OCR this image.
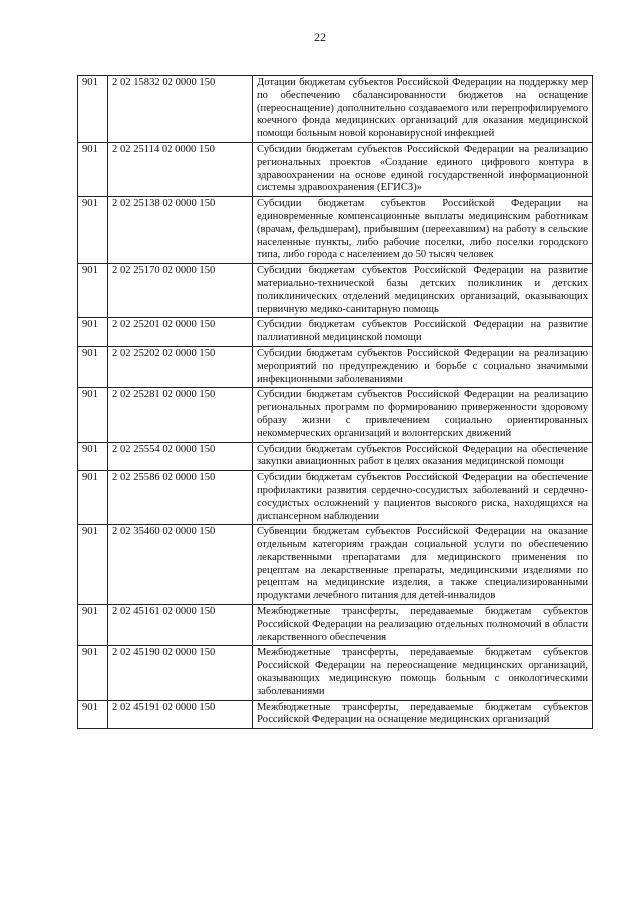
22
901	2 02 15832 02 0000 150	Дотации бюджетам субъектов Российской Федерации на поддержку мер по обеспечению сбалансированности бюджетов на оснащение (переоснащение) дополнительно создаваемого или перепрофилируемого коечного фонда медицинских организаций для оказания медицинской помощи больным новой коронавирусной инфекцией
901	2 02 25114 02 0000 150	Субсидии бюджетам субъектов Российской Федерации на реализацию региональных проектов «Создание единого цифрового контура в здравоохранении на основе единой государственной информационной системы здравоохранения (ЕГИСЗ)»
901	2 02 25138 02 0000 150	Субсидии бюджетам субъектов Российской Федерации на единовременные компенсационные выплаты медицинским работникам (врачам, фельдшерам), прибывшим (переехавшим) на работу в сельские населенные пункты, либо рабочие поселки, либо поселки городского типа, либо города с населением до 50 тысяч человек
901	2 02 25170 02 0000 150	Субсидии бюджетам субъектов Российской Федерации на развитие материально-технической базы детских поликлиник и детских поликлинических отделений медицинских организаций, оказывающих первичную медико-санитарную помощь
901	2 02 25201 02 0000 150	Субсидии бюджетам субъектов Российской Федерации на развитие паллиативной медицинской помощи
901	2 02 25202 02 0000 150	Субсидии бюджетам субъектов Российской Федерации на реализацию мероприятий по предупреждению и борьбе с социально значимыми инфекционными заболеваниями
901	2 02 25281 02 0000 150	Субсидии бюджетам субъектов Российской Федерации на реализацию региональных программ по формированию приверженности здоровому образу жизни с привлечением социально ориентированных некоммерческих организаций и волонтерских движений
901	2 02 25554 02 0000 150	Субсидии бюджетам субъектов Российской Федерации на обеспечение закупки авиационных работ в целях оказания медицинской помощи
901	2 02 25586 02 0000 150	Субсидии бюджетам субъектов Российской Федерации на обеспечение профилактики развития сердечно-сосудистых заболеваний и сердечно-сосудистых осложнений у пациентов высокого риска, находящихся на диспансерном наблюдении
901	2 02 35460 02 0000 150	Субвенции бюджетам субъектов Российской Федерации на оказание отдельным категориям граждан социальной услуги по обеспечению лекарственными препаратами для медицинского применения по рецептам на лекарственные препараты, медицинскими изделиями по рецептам на медицинские изделия, а также специализированными продуктами лечебного питания для детей-инвалидов
901	2 02 45161 02 0000 150	Межбюджетные трансферты, передаваемые бюджетам субъектов Российской Федерации на реализацию отдельных полномочий в области лекарственного обеспечения
901	2 02 45190 02 0000 150	Межбюджетные трансферты, передаваемые бюджетам субъектов Российской Федерации на переоснащение медицинских организаций, оказывающих медицинскую помощь больным с онкологическими заболеваниями
901	2 02 45191 02 0000 150	Межбюджетные трансферты, передаваемые бюджетам субъектов Российской Федерации на оснащение медицинских организаций
